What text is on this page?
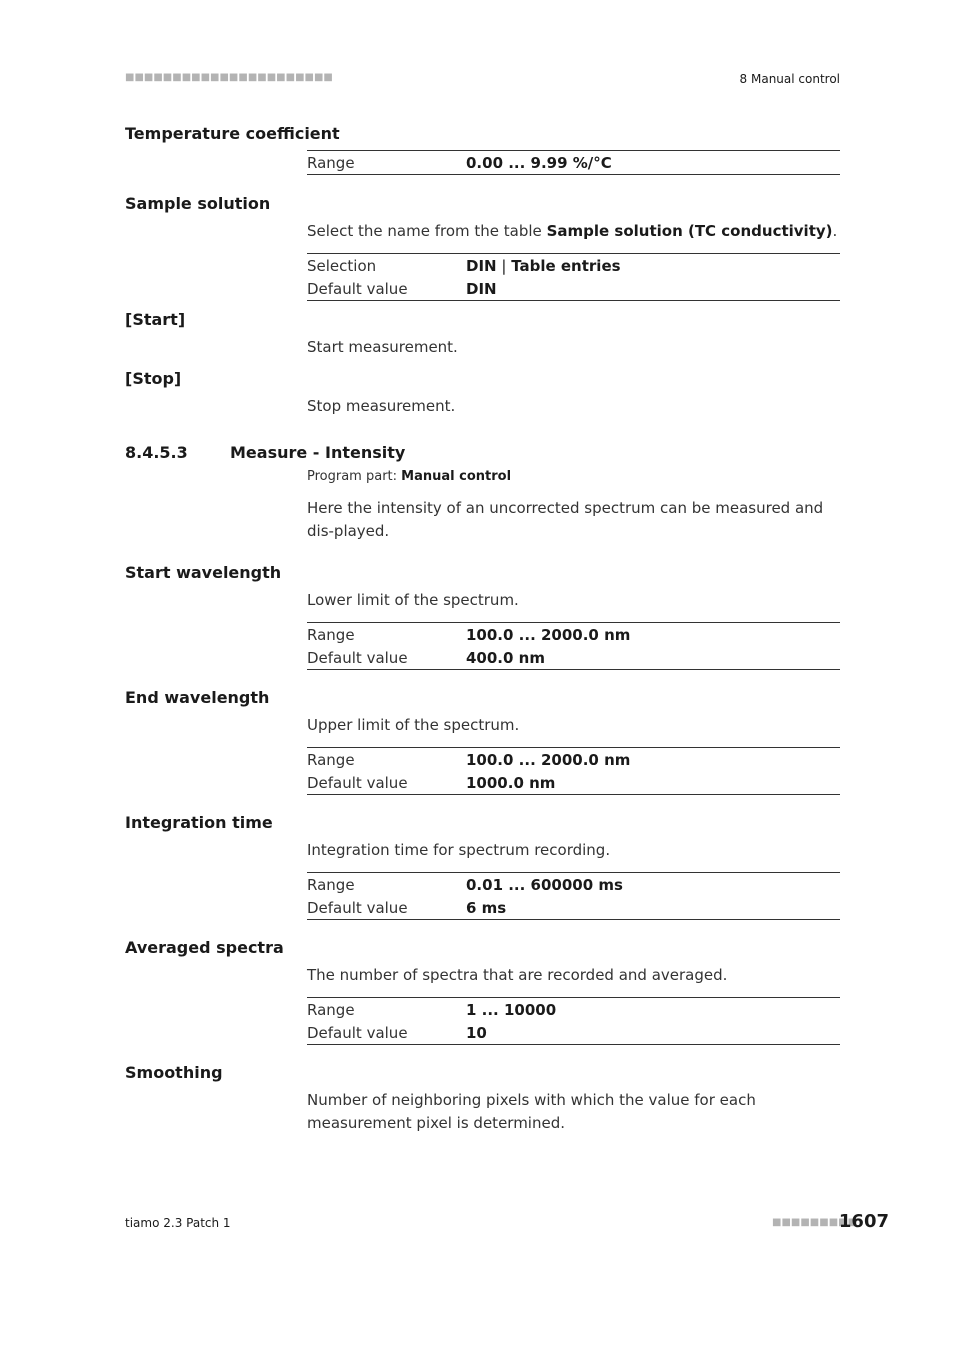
■■■■■■■■■■■■■■■■■■■■■■	8 Manual control
Temperature coefficient
Range	0.00 ... 9.99 %/°C
Sample solution
Select the name from the table Sample solution (TC conductivity).
Selection	DIN | Table entries
Default value	DIN
[Start]
Start measurement.
[Stop]
Stop measurement.
8.4.5.3	Measure - Intensity
Program part: Manual control
Here the intensity of an uncorrected spectrum can be measured and dis-played.
Start wavelength
Lower limit of the spectrum.
Range	100.0 ... 2000.0 nm
Default value	400.0 nm
End wavelength
Upper limit of the spectrum.
Range	100.0 ... 2000.0 nm
Default value	1000.0 nm
Integration time
Integration time for spectrum recording.
Range	0.01 ... 600000 ms
Default value	6 ms
Averaged spectra
The number of spectra that are recorded and averaged.
Range	1 ... 10000
Default value	10
Smoothing
Number of neighboring pixels with which the value for each measurement pixel is determined.
tiamo 2.3 Patch 1	■■■■■■■■■
1607
